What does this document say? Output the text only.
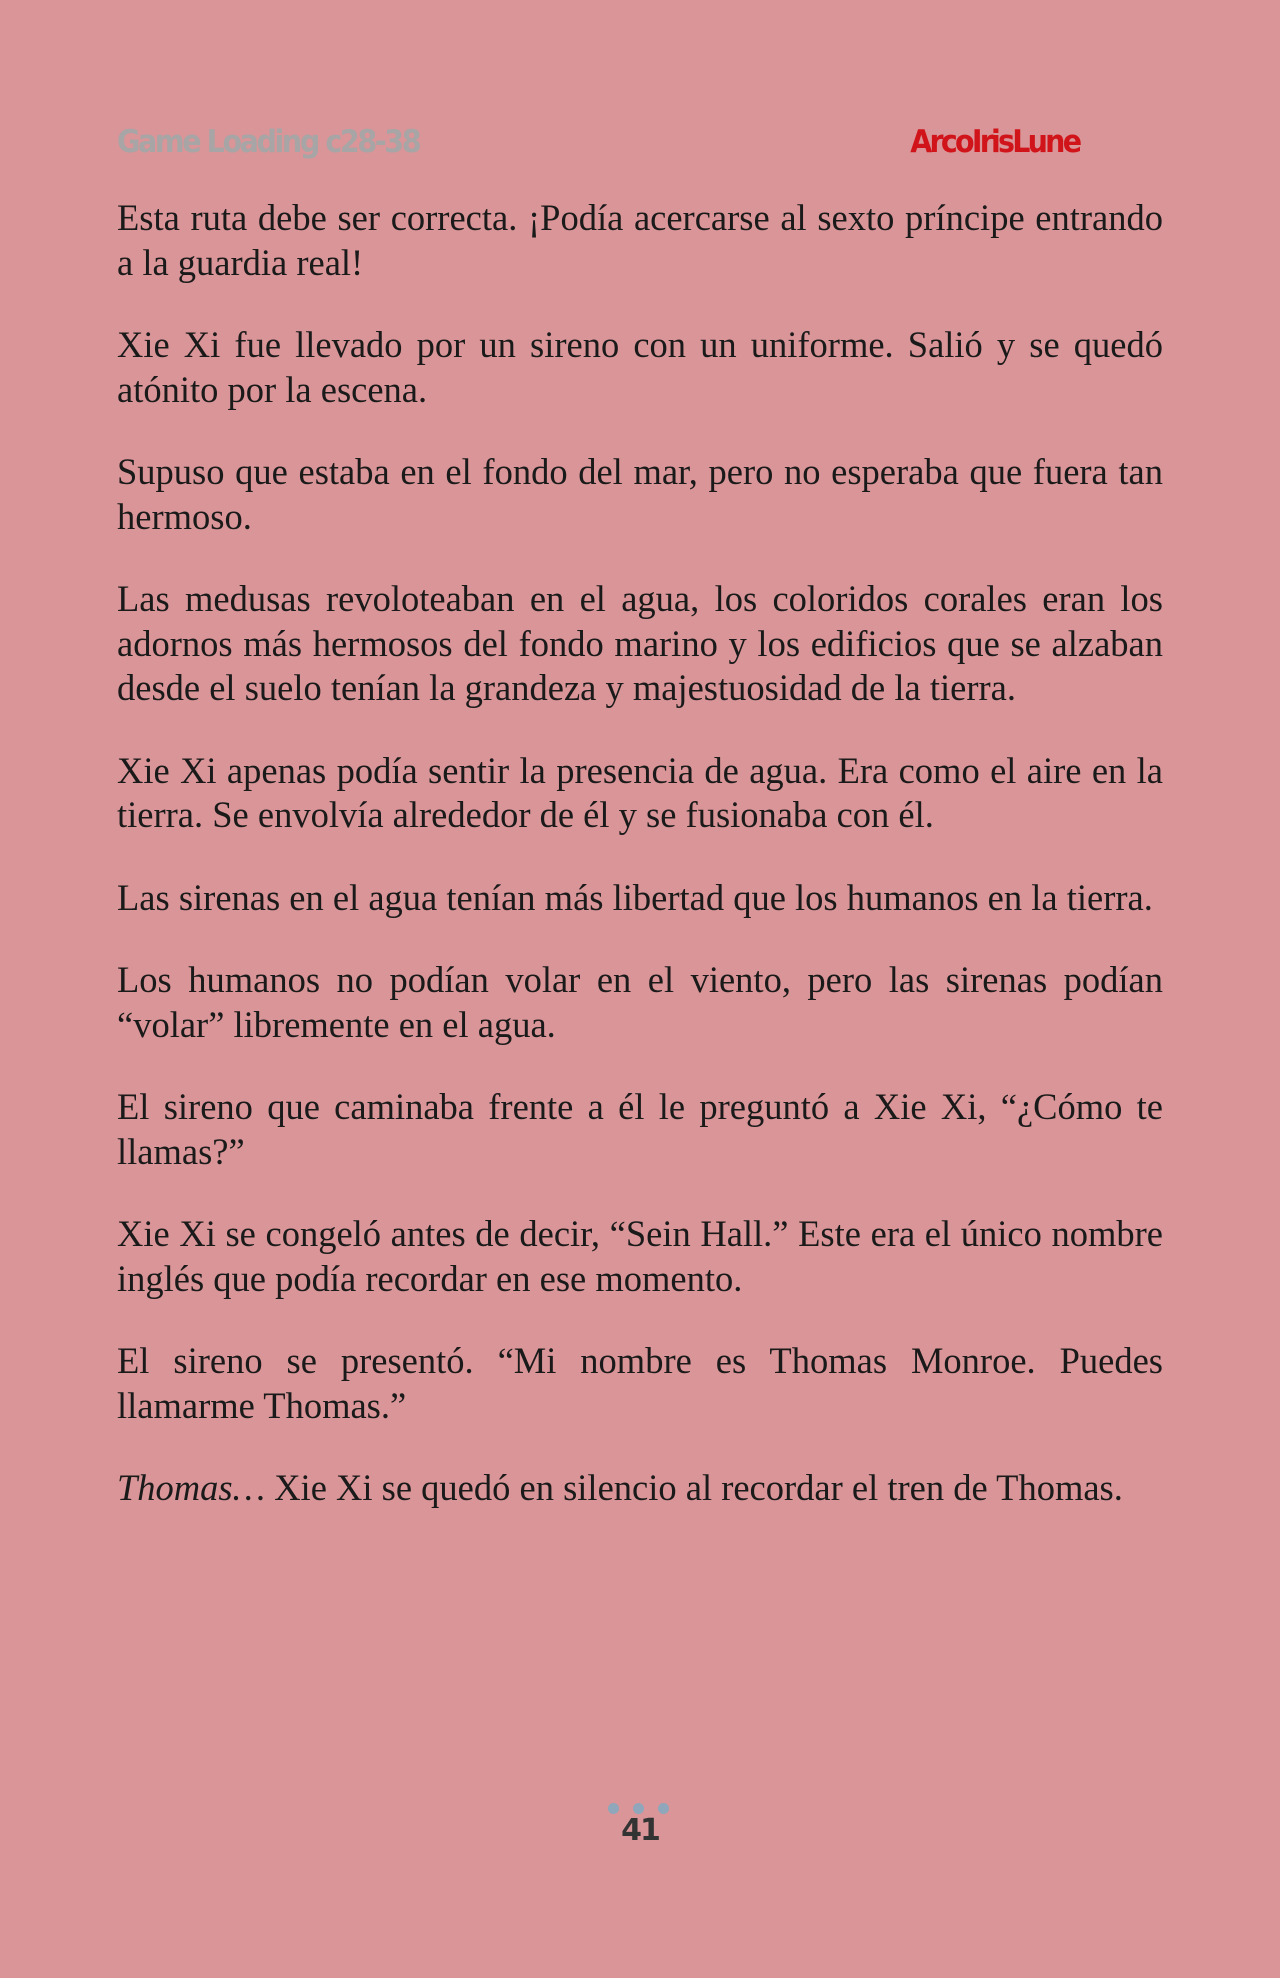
Game Loading c28-38	ArcoIrisLune

Esta ruta debe ser correcta. ¡Podía acercarse al sexto príncipe entrando a la guardia real!

Xie Xi fue llevado por un sireno con un uniforme. Salió y se quedó atónito por la escena.

Supuso que estaba en el fondo del mar, pero no esperaba que fuera tan hermoso.

Las medusas revoloteaban en el agua, los coloridos corales eran los adornos más hermosos del fondo marino y los edificios que se alzaban desde el suelo tenían la grandeza y majestuosidad de la tierra.

Xie Xi apenas podía sentir la presencia de agua. Era como el aire en la tierra. Se envolvía alrededor de él y se fusionaba con él.

Las sirenas en el agua tenían más libertad que los humanos en la tierra.

Los humanos no podían volar en el viento, pero las sirenas podían “volar” libremente en el agua.

El sireno que caminaba frente a él le preguntó a Xie Xi, “¿Cómo te llamas?”

Xie Xi se congeló antes de decir, “Sein Hall.” Este era el único nombre inglés que podía recordar en ese momento.

El sireno se presentó. “Mi nombre es Thomas Monroe. Puedes llamarme Thomas.”

Thomas… Xie Xi se quedó en silencio al recordar el tren de Thomas.

41
